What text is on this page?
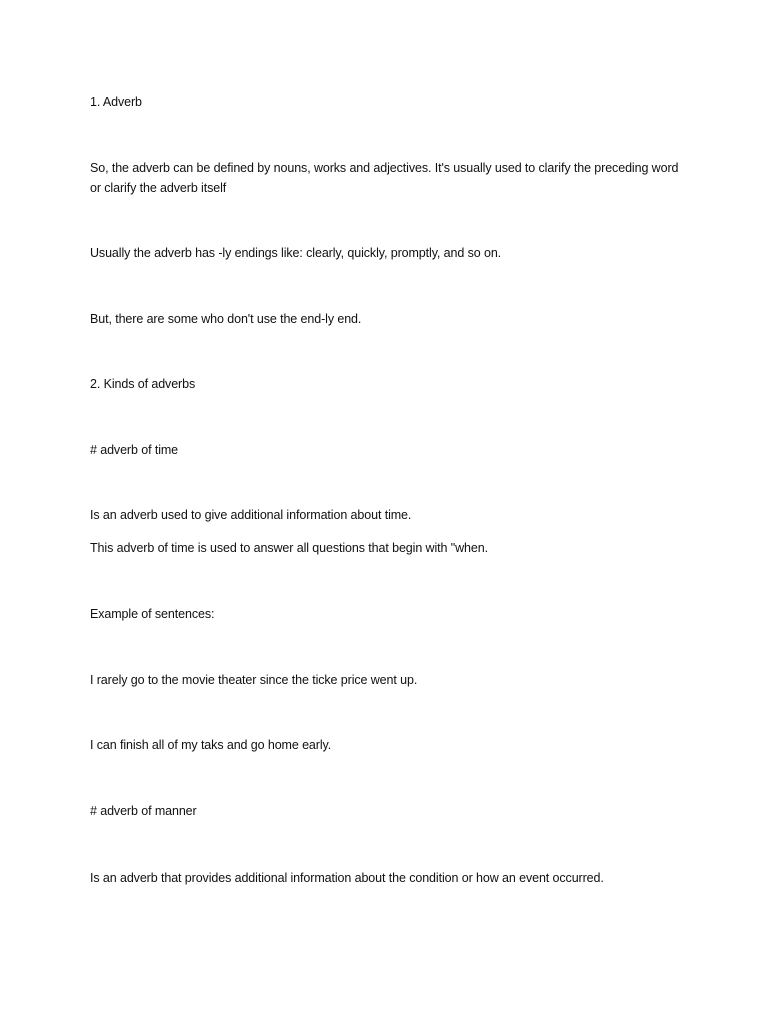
1. Adverb

So, the adverb can be defined by nouns, works and adjectives. It's usually used to clarify the preceding word or clarify the adverb itself

Usually the adverb has -ly endings like: clearly, quickly, promptly, and so on.

But, there are some who don't use the end-ly end.

2. Kinds of adverbs

# adverb of time

Is an adverb used to give additional information about time.

This adverb of time is used to answer all questions that begin with "when.

Example of sentences:

I rarely go to the movie theater since the ticke price went up.

I can finish all of my taks and go home early.

# adverb of manner

Is an adverb that provides additional information about the condition or how an event occurred.
